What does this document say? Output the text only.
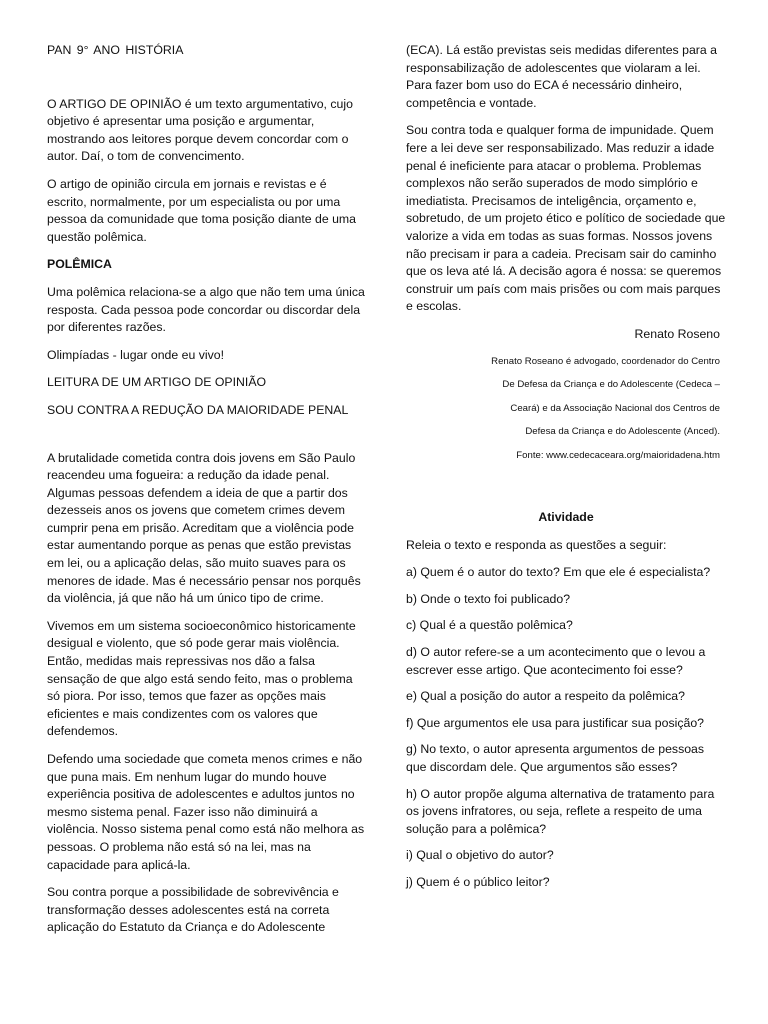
PAN 9° ANO HISTÓRIA

O ARTIGO DE OPINIÃO é um texto argumentativo, cujo objetivo é apresentar uma posição e argumentar, mostrando aos leitores porque devem concordar com o autor. Daí, o tom de convencimento.

O artigo de opinião circula em jornais e revistas e é escrito, normalmente, por um especialista ou por uma pessoa da comunidade que toma posição diante de uma questão polêmica.

POLÊMICA

Uma polêmica relaciona-se a algo que não tem uma única resposta. Cada pessoa pode concordar ou discordar dela por diferentes razões.

Olimpíadas - lugar onde eu vivo!

LEITURA DE UM ARTIGO DE OPINIÃO

SOU CONTRA A REDUÇÃO DA MAIORIDADE PENAL

A brutalidade cometida contra dois jovens em São Paulo reacendeu uma fogueira: a redução da idade penal. Algumas pessoas defendem a ideia de que a partir dos dezesseis anos os jovens que cometem crimes devem cumprir pena em prisão. Acreditam que a violência pode estar aumentando porque as penas que estão previstas em lei, ou a aplicação delas, são muito suaves para os menores de idade. Mas é necessário pensar nos porquês da violência, já que não há um único tipo de crime.

Vivemos em um sistema socioeconômico historicamente desigual e violento, que só pode gerar mais violência. Então, medidas mais repressivas nos dão a falsa sensação de que algo está sendo feito, mas o problema só piora. Por isso, temos que fazer as opções mais eficientes e mais condizentes com os valores que defendemos.

Defendo uma sociedade que cometa menos crimes e não que puna mais. Em nenhum lugar do mundo houve experiência positiva de adolescentes e adultos juntos no mesmo sistema penal. Fazer isso não diminuirá a violência. Nosso sistema penal como está não melhora as pessoas. O problema não está só na lei, mas na capacidade para aplicá-la.

Sou contra porque a possibilidade de sobrevivência e transformação desses adolescentes está na correta aplicação do Estatuto da Criança e do Adolescente

(ECA). Lá estão previstas seis medidas diferentes para a responsabilização de adolescentes que violaram a lei. Para fazer bom uso do ECA é necessário dinheiro, competência e vontade.

Sou contra toda e qualquer forma de impunidade. Quem fere a lei deve ser responsabilizado. Mas reduzir a idade penal é ineficiente para atacar o problema. Problemas complexos não serão superados de modo simplório e imediatista. Precisamos de inteligência, orçamento e, sobretudo, de um projeto ético e político de sociedade que valorize a vida em todas as suas formas. Nossos jovens não precisam ir para a cadeia. Precisam sair do caminho que os leva até lá. A decisão agora é nossa: se queremos construir um país com mais prisões ou com mais parques e escolas.

Renato Roseno

Renato Roseano é advogado, coordenador do Centro
De Defesa da Criança e do Adolescente (Cedeca –
Ceará) e da Associação Nacional dos Centros de
Defesa da Criança e do Adolescente (Anced).
Fonte: www.cedecaceara.org/maioridadena.htm

Atividade

Releia o texto e responda as questões a seguir:

a) Quem é o autor do texto? Em que ele é especialista?

b) Onde o texto foi publicado?

c) Qual é a questão polêmica?

d) O autor refere-se a um acontecimento que o levou a escrever esse artigo. Que acontecimento foi esse?

e) Qual a posição do autor a respeito da polêmica?

f) Que argumentos ele usa para justificar sua posição?

g) No texto, o autor apresenta argumentos de pessoas que discordam dele. Que argumentos são esses?

h) O autor propõe alguma alternativa de tratamento para os jovens infratores, ou seja, reflete a respeito de uma solução para a polêmica?

i) Qual o objetivo do autor?

j) Quem é o público leitor?
